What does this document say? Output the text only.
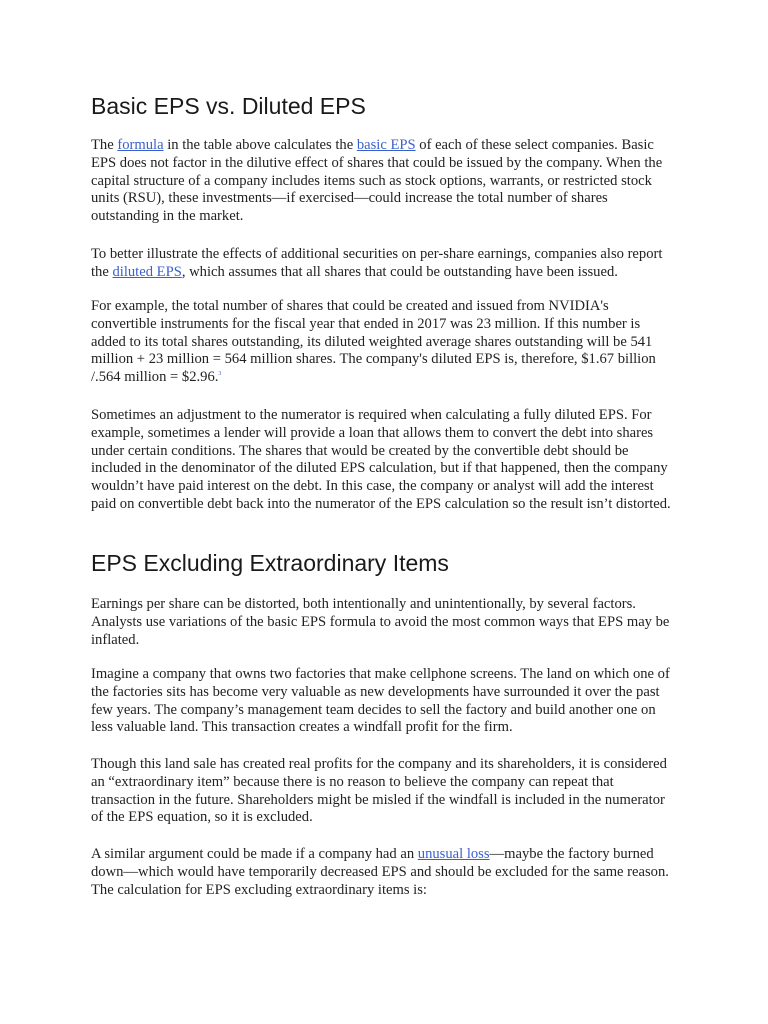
Basic EPS vs. Diluted EPS

The formula in the table above calculates the basic EPS of each of these select companies. Basic EPS does not factor in the dilutive effect of shares that could be issued by the company. When the capital structure of a company includes items such as stock options, warrants, or restricted stock units (RSU), these investments—if exercised—could increase the total number of shares outstanding in the market.

To better illustrate the effects of additional securities on per-share earnings, companies also report the diluted EPS, which assumes that all shares that could be outstanding have been issued.

For example, the total number of shares that could be created and issued from NVIDIA's convertible instruments for the fiscal year that ended in 2017 was 23 million. If this number is added to its total shares outstanding, its diluted weighted average shares outstanding will be 541 million + 23 million = 564 million shares. The company's diluted EPS is, therefore, $1.67 billion /.564 million = $2.96.$^3$

Sometimes an adjustment to the numerator is required when calculating a fully diluted EPS. For example, sometimes a lender will provide a loan that allows them to convert the debt into shares under certain conditions. The shares that would be created by the convertible debt should be included in the denominator of the diluted EPS calculation, but if that happened, then the company wouldn’t have paid interest on the debt. In this case, the company or analyst will add the interest paid on convertible debt back into the numerator of the EPS calculation so the result isn’t distorted.

EPS Excluding Extraordinary Items

Earnings per share can be distorted, both intentionally and unintentionally, by several factors. Analysts use variations of the basic EPS formula to avoid the most common ways that EPS may be inflated.

Imagine a company that owns two factories that make cellphone screens. The land on which one of the factories sits has become very valuable as new developments have surrounded it over the past few years. The company’s management team decides to sell the factory and build another one on less valuable land. This transaction creates a windfall profit for the firm.

Though this land sale has created real profits for the company and its shareholders, it is considered an “extraordinary item” because there is no reason to believe the company can repeat that transaction in the future. Shareholders might be misled if the windfall is included in the numerator of the EPS equation, so it is excluded.

A similar argument could be made if a company had an unusual loss—maybe the factory burned down—which would have temporarily decreased EPS and should be excluded for the same reason. The calculation for EPS excluding extraordinary items is:
